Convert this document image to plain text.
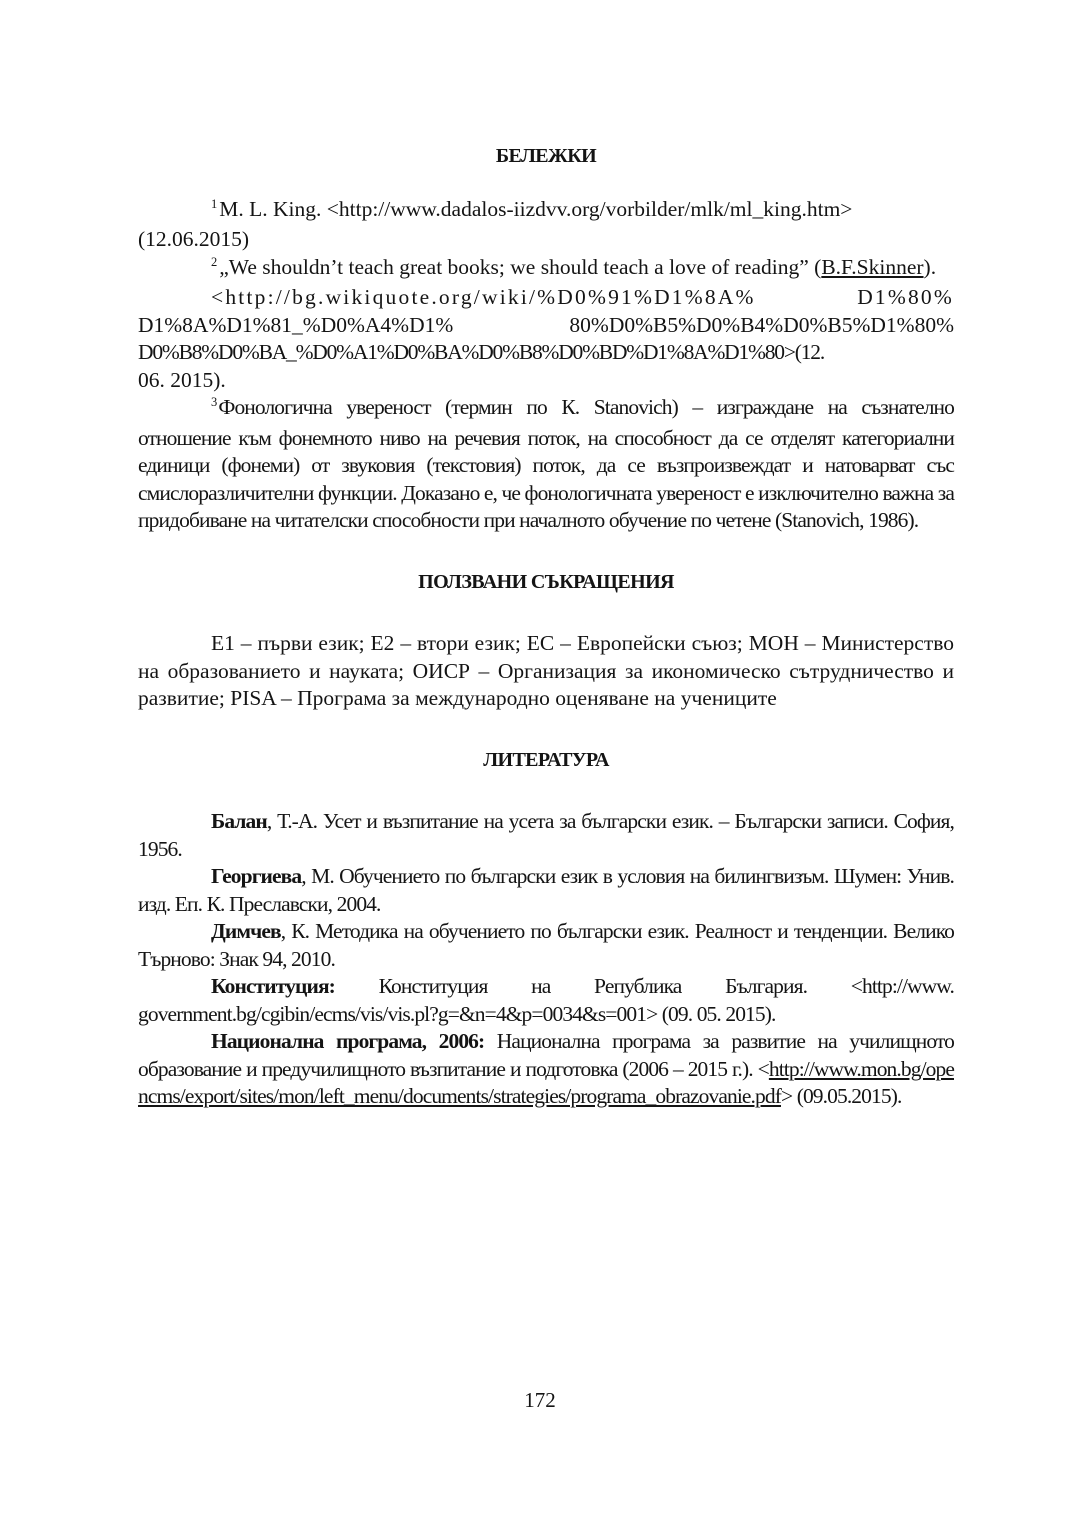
БЕЛЕЖКИ

$^1$M. L. King. <http://www.dadalos-iizdvv.org/vorbilder/mlk/ml_king.htm>
(12.06.2015)

$^2$„We shouldn’t teach great books; we should teach a love of reading” (B.F.Skinner).

<http://bg.wikiquote.org/wiki/%D0%91%D1%8A% D1%80%
D1%8A%D1%81_%D0%A4%D1% 80%D0%B5%D0%B4%D0%B5%D1%80%
D0%B8%D0%BA_%D0%A1%D0%BA%D0%B8%D0%BD%D1%8A%D1%80>(12.
06. 2015).

$^3$Фонологична увереност (термин по К. Stanovich) – изграждане на съзнателно отношение към фонемното ниво на речевия поток, на способност да се отделят категориални единици (фонеми) от звуковия (текстовия) поток, да се възпроизвеждат и натоварват със смислоразличителни функции. Доказано е, че фонологичната увереност е изключително важна за придобиване на читателски способности при началното обучение по четене (Stanovich, 1986).

ПОЛЗВАНИ СЪКРАЩЕНИЯ

Е1 – първи език; Е2 – втори език; ЕС – Европейски съюз; МОН – Министерство на образованието и науката; ОИСР – Организация за икономическо сътрудничество и развитие; PISA – Програма за международно оценяване на учениците

ЛИТЕРАТУРА

Балан, Т.-А. Усет и възпитание на усета за български език. – Български записи. София, 1956.

Георгиева, М. Обучението по български език в условия на билингвизъм. Шумен: Унив. изд. Еп. К. Преславски, 2004.

Димчев, К. Методика на обучението по български език. Реалност и тенденции. Велико Търново: Знак 94, 2010.

Конституция: Конституция на Република България. <http://www. government.bg/cgibin/ecms/vis/vis.pl?g=&n=4&p=0034&s=001> (09. 05. 2015).

Национална програма, 2006: Национална програма за развитие на училищното образование и предучилищното възпитание и подготовка (2006 – 2015 г.). <http://www.mon.bg/opencms/export/sites/mon/left_menu/documents/strategies/programa_obrazovanie.pdf> (09.05.2015).

172
